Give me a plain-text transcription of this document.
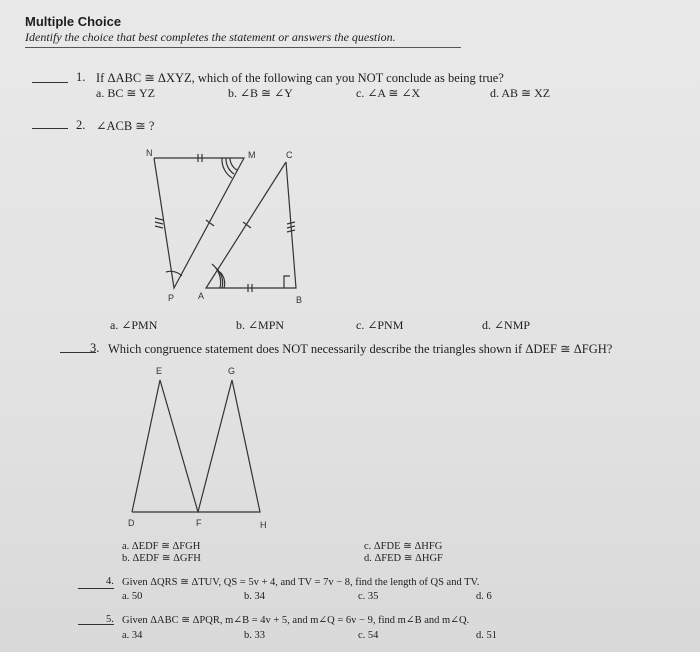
Multiple Choice
Identify the choice that best completes the statement or answers the question.
1. If ΔABC ≅ ΔXYZ, which of the following can you NOT conclude as being true?
a. BC ≅ YZ	b. ∠B ≅ ∠Y	c. ∠A ≅ ∠X	d. AB ≅ XZ
2. ∠ACB ≅ ?
N	M	C
P	A	B
a. ∠PMN	b. ∠MPN	c. ∠PNM	d. ∠NMP
3. Which congruence statement does NOT necessarily describe the triangles shown if ΔDEF ≅ ΔFGH?
E	G
D	F	H
a. ΔEDF ≅ ΔFGH
b. ΔEDF ≅ ΔGFH
c. ΔFDE ≅ ΔHFG
d. ΔFED ≅ ΔHGF
4. Given ΔQRS ≅ ΔTUV, QS = 5v + 4, and TV = 7v − 8, find the length of QS and TV.
a. 50	b. 34	c. 35	d. 6
5. Given ΔABC ≅ ΔPQR, m∠B = 4v + 5, and m∠Q = 6v − 9, find m∠B and m∠Q.
a. 34	b. 33	c. 54	d. 51
